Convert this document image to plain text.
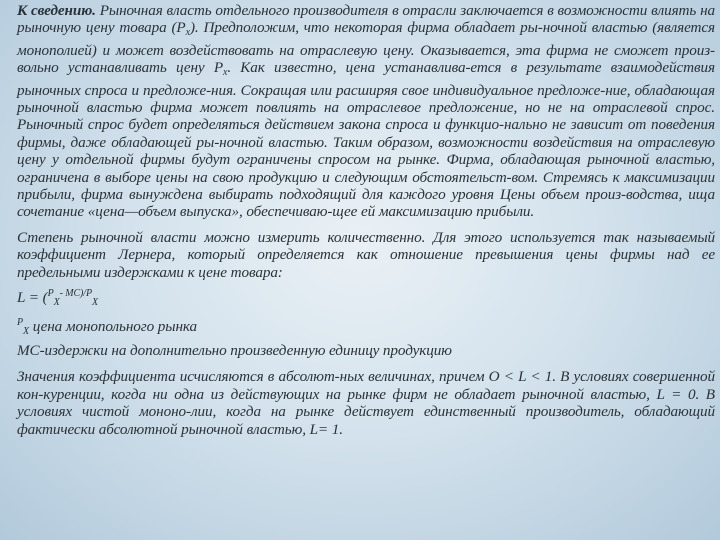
К сведению. Рыночная власть отдельного производителя в отрасли заключается в возможности влиять на рыночную цену товара $(Р_х)$. Предположим, что некоторая фирма обладает ры-ночной властью (является монополией) и может воздействовать на отраслевую цену. Оказывается, эта фирма не сможет произ-вольно устанавливать цену $Р_х$. Как известно, цена устанавлива-ется в результате взаимодействия рыночных спроса и предложе-ния. Сокращая или расширяя свое индивидуальное предложе-ние, обладающая рыночной властью фирма может повлиять на отраслевое предложение, но не на отраслевой спрос. Рыночный спрос будет определяться действием закона спроса и функцио-нально не зависит от поведения фирмы, даже обладающей ры-ночной властью. Таким образом, возможности воздействия на отраслевую цену у отдельной фирмы будут ограничены спросом на рынке. Фирма, обладающая рыночной властью, ограничена в выборе цены на свою продукцию и следующим обстоятельст-вом. Стремясь к максимизации прибыли, фирма вынуждена выбирать подходящий для каждого уровня Цены объем произ-водства, ища сочетание «цена—объем выпуска», обеспечиваю-щее ей максимизацию прибыли.

Степень рыночной власти можно измерить количественно. Для этого используется так называемый коэффициент Лернера, который определяется как отношение превышения цены фирмы над ее предельными издержками к цене товара:

L = ($^P_X^{- MC)/P}_X$

$^P_X$ цена монопольного рынка

МС-издержки на дополнительно произведенную единицу продукцию

Значения коэффициента исчисляются в абсолют-ных величинах, причем О < L < 1. В условиях совершенной кон-куренции, когда ни одна из действующих на рынке фирм не обладает рыночной властью, L = 0. В условиях чистой мононо-лии, когда на рынке действует единственный производитель, обладающий фактически абсолютной рыночной властью, L= 1.
